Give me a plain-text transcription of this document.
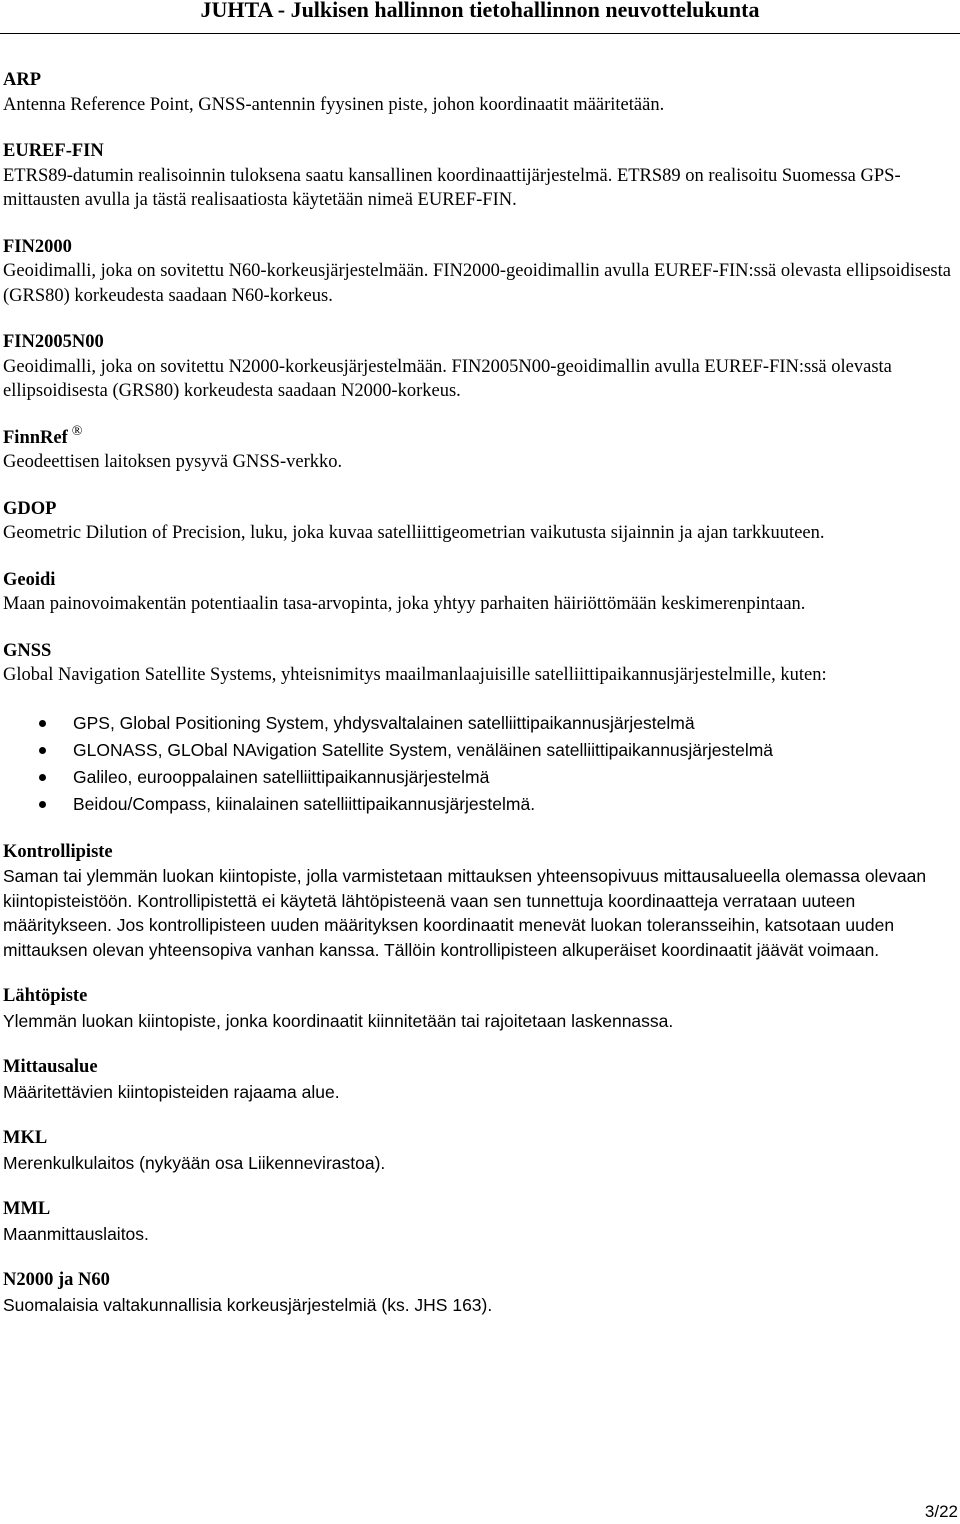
JUHTA - Julkisen hallinnon tietohallinnon neuvottelukunta
ARP
Antenna Reference Point, GNSS-antennin fyysinen piste, johon koordinaatit määritetään.
EUREF-FIN
ETRS89-datumin realisoinnin tuloksena saatu kansallinen koordinaattijärjestelmä. ETRS89 on realisoitu Suomessa GPS-mittausten avulla ja tästä realisaatiosta käytetään nimeä EUREF-FIN.
FIN2000
Geoidimalli, joka on sovitettu N60-korkeusjärjestelmään. FIN2000-geoidimallin avulla EUREF-FIN:ssä olevasta ellipsoidisesta (GRS80) korkeudesta saadaan N60-korkeus.
FIN2005N00
Geoidimalli, joka on sovitettu N2000-korkeusjärjestelmään. FIN2005N00-geoidimallin avulla EUREF-FIN:ssä olevasta ellipsoidisesta (GRS80) korkeudesta saadaan N2000-korkeus.
FinnRef ®
Geodeettisen laitoksen pysyvä GNSS-verkko.
GDOP
Geometric Dilution of Precision, luku, joka kuvaa satelliittigeometrian vaikutusta sijainnin ja ajan tarkkuuteen.
Geoidi
Maan painovoimakentän potentiaalin tasa-arvopinta, joka yhtyy parhaiten häiriöttömään keskimerenpintaan.
GNSS
Global Navigation Satellite Systems, yhteisnimitys maailmanlaajuisille satelliittipaikannusjärjestelmille, kuten:
GPS, Global Positioning System, yhdysvaltalainen satelliittipaikannusjärjestelmä
GLONASS, GLObal NAvigation Satellite System, venäläinen satelliittipaikannusjärjestelmä
Galileo, eurooppalainen satelliittipaikannusjärjestelmä
Beidou/Compass, kiinalainen satelliittipaikannusjärjestelmä.
Kontrollipiste
Saman tai ylemmän luokan kiintopiste, jolla varmistetaan mittauksen yhteensopivuus mittausalueella olemassa olevaan kiintopisteistöön. Kontrollipistettä ei käytetä lähtöpisteenä vaan sen tunnettuja koordinaatteja verrataan uuteen määritykseen. Jos kontrollipisteen uuden määrityksen koordinaatit menevät luokan toleransseihin, katsotaan uuden mittauksen olevan yhteensopiva vanhan kanssa. Tällöin kontrollipisteen alkuperäiset koordinaatit jäävät voimaan.
Lähtöpiste
Ylemmän luokan kiintopiste, jonka koordinaatit kiinnitetään tai rajoitetaan laskennassa.
Mittausalue
Määritettävien kiintopisteiden rajaama alue.
MKL
Merenkulkulaitos (nykyään osa Liikennevirastoa).
MML
Maanmittauslaitos.
N2000 ja N60
Suomalaisia valtakunnallisia korkeusjärjestelmiä (ks. JHS 163).
3/22
